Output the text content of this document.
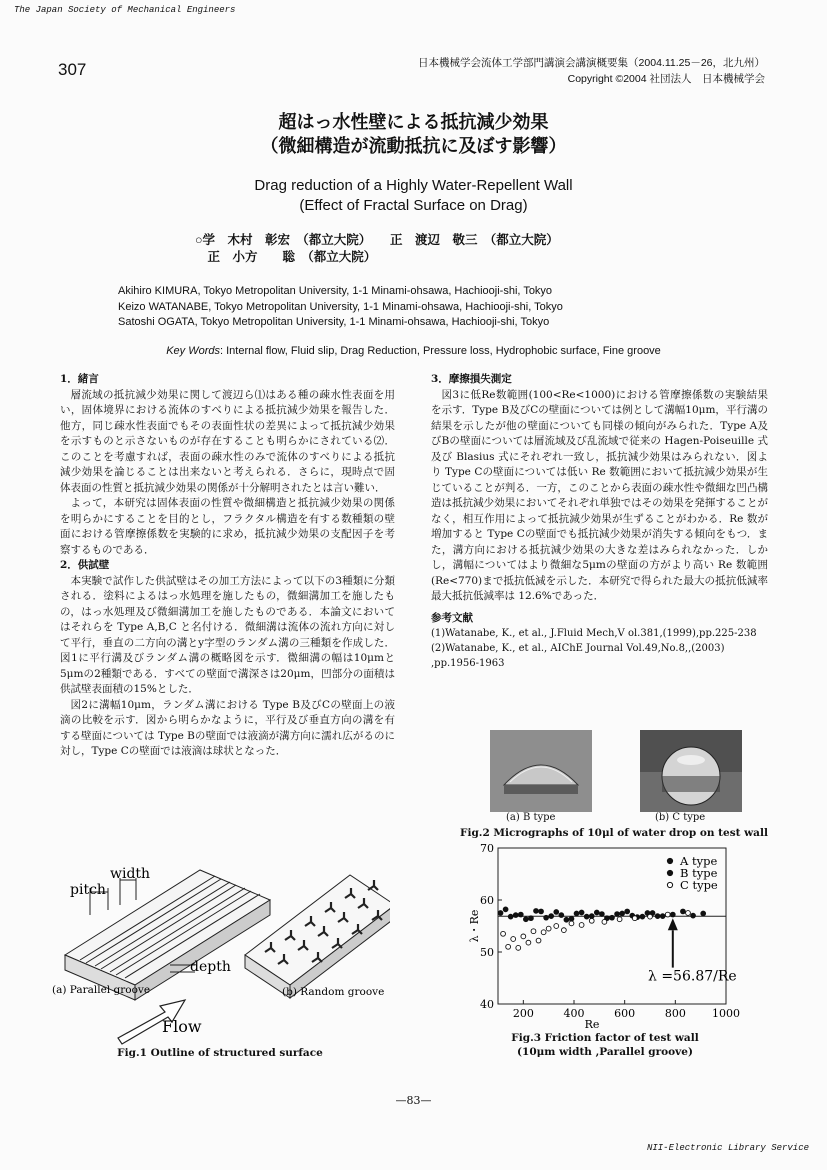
The Japan Society of Mechanical Engineers
307	日本機械学会流体工学部門講演会講演概要集（2004.11.25－26，北九州）
Copyright ©2004 社団法人　日本機械学会
超はっ水性壁による抵抗減少効果
（微細構造が流動抵抗に及ぼす影響）
Drag reduction of a Highly Water-Repellent Wall
(Effect of Fractal Surface on Drag)
○学　木村　彰宏　（都立大院）　　正　渡辺　敬三　（都立大院）
　正　小方　　聡　（都立大院）
Akihiro KIMURA, Tokyo Metropolitan University, 1-1 Minami-ohsawa, Hachiooji-shi, Tokyo
Keizo WATANABE, Tokyo Metropolitan University, 1-1 Minami-ohsawa, Hachiooji-shi, Tokyo
Satoshi OGATA, Tokyo Metropolitan University, 1-1 Minami-ohsawa, Hachiooji-shi, Tokyo
Key Words: Internal flow, Fluid slip, Drag Reduction, Pressure loss, Hydrophobic surface, Fine groove
1．緒言

層流域の抵抗減少効果に関して渡辺ら⑴はある種の疎水性表面を用い，固体境界における流体のすべりによる抵抗減少効果を報告した．他方，同じ疎水性表面でもその表面性状の差異によって抵抗減少効果を示すものと示さないものが存在することも明らかにされている⑵．このことを考慮すれば，表面の疎水性のみで流体のすべりによる抵抗減少効果を論じることは出来ないと考えられる．さらに，現時点で固体表面の性質と抵抗減少効果の関係が十分解明されたとは言い難い．

よって，本研究は固体表面の性質や微細構造と抵抗減少効果の関係を明らかにすることを目的とし，フラクタル構造を有する数種類の壁面における管摩擦係数を実験的に求め，抵抗減少効果の支配因子を考察するものである．

2．供試壁

本実験で試作した供試壁はその加工方法によって以下の3種類に分類される．塗料によるはっ水処理を施したもの，微細溝加工を施したもの，はっ水処理及び微細溝加工を施したものである．本論文においてはそれらを Type A,B,C と名付ける．微細溝は流体の流れ方向に対して平行，垂直の二方向の溝とy字型のランダム溝の三種類を作成した．図1に平行溝及びランダム溝の概略図を示す．微細溝の幅は10μmと5μmの2種類である．すべての壁面で溝深さは20μm，凹部分の面積は供試壁表面積の15%とした．

図2に溝幅10μm，ランダム溝における Type B及びCの壁面上の液滴の比較を示す．図から明らかなように，平行及び垂直方向の溝を有する壁面については Type Bの壁面では液滴が溝方向に濡れ広がるのに対し，Type Cの壁面では液滴は球状となった．

3．摩擦損失測定

図3に低Re数範囲(100<Re<1000)における管摩擦係数の実験結果を示す．Type B及びCの壁面については例として溝幅10μm，平行溝の結果を示したが他の壁面についても同様の傾向がみられた．Type A及びBの壁面については層流域及び乱流域で従来の Hagen-Poiseuille 式及び Blasius 式にそれぞれ一致し，抵抗減少効果はみられない．図より Type Cの壁面については低い Re 数範囲において抵抗減少効果が生じていることが判る．一方，このことから表面の疎水性や微細な凹凸構造は抵抗減少効果においてそれぞれ単独ではその効果を発揮することがなく，相互作用によって抵抗減少効果が生ずることがわかる．Re 数が増加すると Type Cの壁面でも抵抗減少効果が消失する傾向をもつ．また，溝方向における抵抗減少効果の大きな差はみられなかった．しかし，溝幅についてはより微細な5μmの壁面の方がより高い Re 数範囲(Re<770)まで抵抗低減を示した．本研究で得られた最大の抵抗低減率最大抵抗低減率は 12.6%であった．

参考文献
(1)Watanabe, K., et al., J.Fluid Mech,V ol.381,(1999),pp.225-238
(2)Watanabe, K., et al., AIChE Journal Vol.49,No.8,,(2003)
,pp.1956-1963
pitch
width
depth
(a) Parallel groove	(b) Random groove
Flow
Fig.1 Outline of structured surface
(a) B type	(b) C type
Fig.2 Micrographs of 10μl of water drop on test wall
200	400	600	800 1000
40
50
60
70
Re
λ・Re
λ =56.87/Re
A type
B type
C type
Fig.3 Friction factor of test wall
(10μm width ,Parallel groove)
—83—
NII-Electronic Library Service
